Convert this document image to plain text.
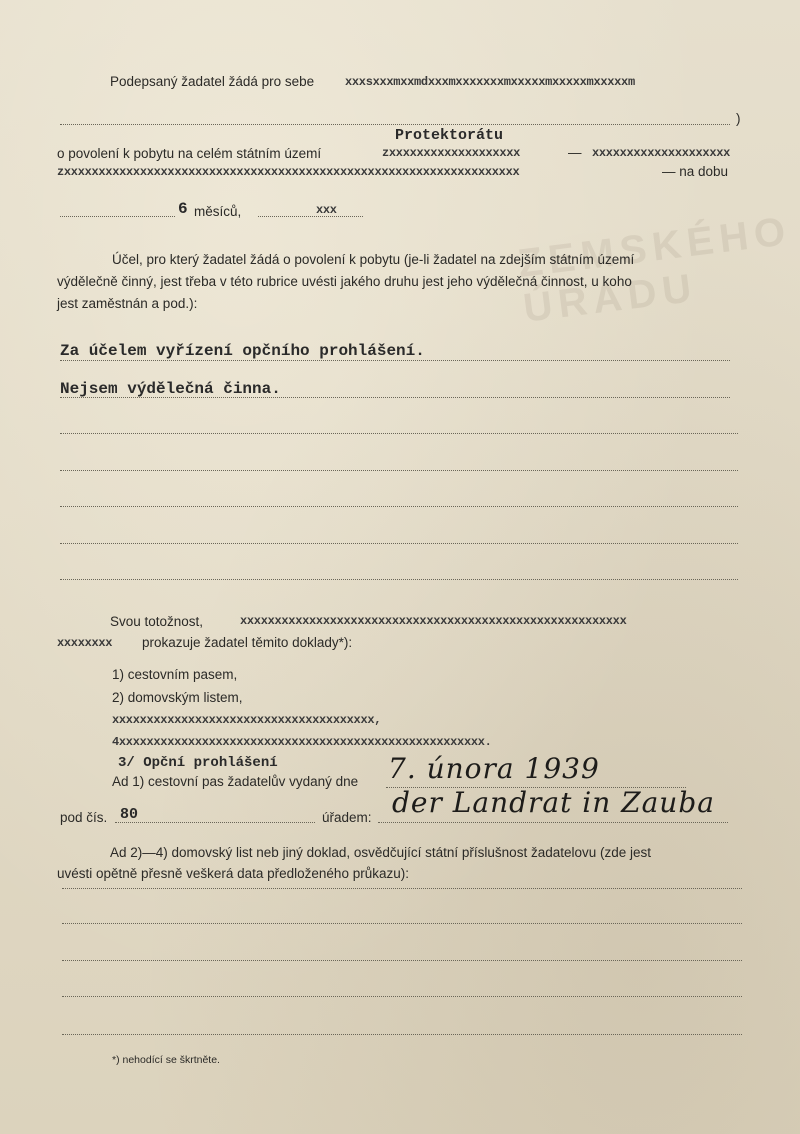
ZEMSKÉHO ÚŘADU
Podepsaný žadatel žádá pro sebe	xxxsxxxmxxmdxxxmxxxxxxxmxxxxxmxxxxxmxxxxxm
)
Protektorátu
o povolení k pobytu na celém státním území	zxxxxxxxxxxxxxxxxxxx	— xxxxxxxxxxxxxxxxxxxx
zxxxxxxxxxxxxxxxxxxxxxxxxxxxxxxxxxxxxxxxxxxxxxxxxxxxxxxxxxxxxxxxxxx	— na dobu
6 měsíců,	xxx
Účel, pro který žadatel žádá o povolení k pobytu (je-li žadatel na zdejším státním území
výdělečně činný, jest třeba v této rubrice uvésti jakého druhu jest jeho výdělečná činnost, u koho
jest zaměstnán a pod.):
Za účelem vyřízení opčního prohlášení.
Nejsem výdělečná činna.
Svou totožnost,	xxxxxxxxxxxxxxxxxxxxxxxxxxxxxxxxxxxxxxxxxxxxxxxxxxxxxxxx
xxxxxxxx prokazuje žadatel těmito doklady*):
1) cestovním pasem,
2) domovským listem,
xxxxxxxxxxxxxxxxxxxxxxxxxxxxxxxxxxxxxx,
4xxxxxxxxxxxxxxxxxxxxxxxxxxxxxxxxxxxxxxxxxxxxxxxxxxxxx.
3/ Opční prohlášení
Ad 1) cestovní pas žadatelův vydaný dne 7. února 1939
pod čís. 80	úřadem: der Landrat in Zauba
Ad 2)—4) domovský list neb jiný doklad, osvědčující státní příslušnost žadatelovu (zde jest
uvésti opětně přesně veškerá data předloženého průkazu):
*) nehodící se škrtněte.
